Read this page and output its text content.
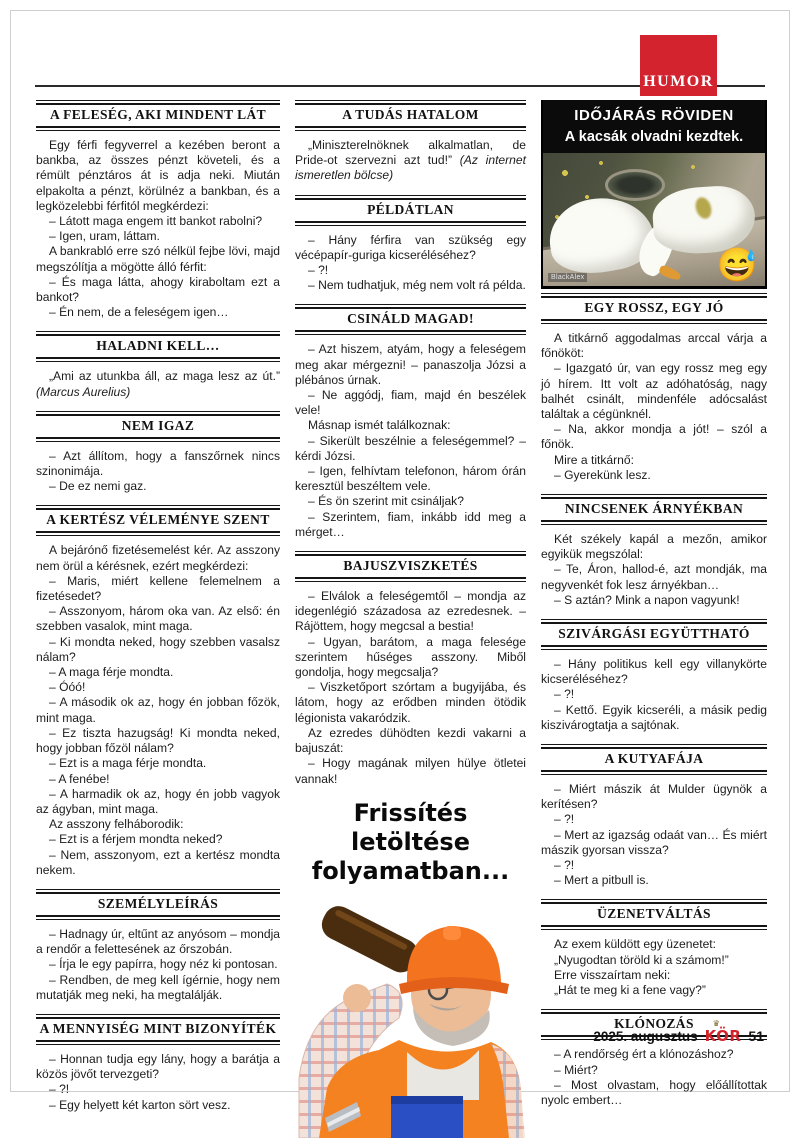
HUMOR
A FELESÉG, AKI MINDENT LÁT

Egy férfi fegyverrel a kezében beront a bankba, az összes pénzt követeli, és a rémült pénztáros át is adja neki. Miután elpakolta a pénzt, körülnéz a bankban, és a legközelebbi férfitól megkérdezi:

– Látott maga engem itt bankot rabolni?

– Igen, uram, láttam.

A bankrabló erre szó nélkül fejbe lövi, majd megszólítja a mögötte álló férfit:

– És maga látta, ahogy kiraboltam ezt a bankot?

– Én nem, de a feleségem igen…

HALADNI KELL…

„Ami az utunkba áll, az maga lesz az út.” (Marcus Aurelius)

NEM IGAZ

– Azt állítom, hogy a fanszőrnek nincs szinonimája.

– De ez nemi gaz.

A KERTÉSZ VÉLEMÉNYE SZENT

A bejárónő fizetésemelést kér. Az asszony nem örül a kérésnek, ezért megkérdezi:

– Maris, miért kellene felemelnem a fizetésedet?

– Asszonyom, három oka van. Az első: én szebben vasalok, mint maga.

– Ki mondta neked, hogy szebben vasalsz nálam?

– A maga férje mondta.

– Óóó!

– A második ok az, hogy én jobban főzök, mint maga.

– Ez tiszta hazugság! Ki mondta neked, hogy jobban főzöl nálam?

– Ezt is a maga férje mondta.

– A fenébe!

– A harmadik ok az, hogy én jobb vagyok az ágyban, mint maga.

Az asszony felháborodik:

– Ezt is a férjem mondta neked?

– Nem, asszonyom, ezt a kertész mondta nekem.

SZEMÉLYLEÍRÁS

– Hadnagy úr, eltűnt az anyósom – mondja a rendőr a felettesének az őrszobán.

– Írja le egy papírra, hogy néz ki pontosan.

– Rendben, de meg kell ígérnie, hogy nem mutatják meg neki, ha megtalálják.

A MENNYISÉG MINT BIZONYÍTÉK

– Honnan tudja egy lány, hogy a barátja a közös jövőt tervezgeti?

– ?!

– Egy helyett két karton sört vesz.

A TUDÁS HATALOM

„Miniszterelnöknek alkalmatlan, de Pride-ot szervezni azt tud!” (Az internet ismeretlen bölcse)

PÉLDÁTLAN

– Hány férfira van szükség egy vécépapír-guriga kicseréléséhez?

– ?!

– Nem tudhatjuk, még nem volt rá példa.

CSINÁLD MAGAD!

– Azt hiszem, atyám, hogy a feleségem meg akar mérgezni! – panaszolja Józsi a plébános úrnak.

– Ne aggódj, fiam, majd én beszélek vele!

Másnap ismét találkoznak:

– Sikerült beszélnie a feleségemmel? – kérdi Józsi.

– Igen, felhívtam telefonon, három órán keresztül beszéltem vele.

– És ön szerint mit csináljak?

– Szerintem, fiam, inkább idd meg a mérget…

BAJUSZVISZKETÉS

– Elválok a feleségemtől – mondja az idegenlégió századosa az ezredesnek. – Rájöttem, hogy megcsal a bestia!

– Ugyan, barátom, a maga felesége szerintem hűséges asszony. Miből gondolja, hogy megcsalja?

– Viszketőport szórtam a bugyijába, és látom, hogy az erődben minden ötödik légionista vakaródzik.

Az ezredes dühödten kezdi vakarni a bajuszát:

– Hogy magának milyen hülye ötletei vannak!

Frissítés letöltése
folyamatban...
IDŐJÁRÁS RÖVIDEN
A kacsák olvadni kezdtek.
😅
BlackAlex
EGY ROSSZ, EGY JÓ

A titkárnő aggodalmas arccal várja a főnököt:

– Igazgató úr, van egy rossz meg egy jó hírem. Itt volt az adóhatóság, nagy balhét csinált, mindenféle adócsalást találtak a cégünknél.

– Na, akkor mondja a jót! – szól a főnök.

Mire a titkárnő:

– Gyerekünk lesz.

NINCSENEK ÁRNYÉKBAN

Két székely kapál a mezőn, amikor egyikük megszólal:

– Te, Áron, hallod-é, azt mondják, ma negyvenkét fok lesz árnyékban…

– S aztán? Mink a napon vagyunk!

SZIVÁRGÁSI EGYÜTTHATÓ

– Hány politikus kell egy villanykörte kicseréléséhez?

– ?!

– Kettő. Egyik kicseréli, a másik pedig kiszivárogtatja a sajtónak.

A KUTYAFÁJA

– Miért mászik át Mulder ügynök a kerítésen?

– ?!

– Mert az igazság odaát van… És miért mászik gyorsan vissza?

– ?!

– Mert a pitbull is.

ÜZENETVÁLTÁS

Az exem küldött egy üzenetet:

„Nyugodtan töröld ki a számom!”

Erre visszaírtam neki:

„Hát te meg ki a fene vagy?”

KLÓNOZÁS

– A rendőrség ért a klónozáshoz?

– Miért?

– Most olvastam, hogy előállítottak nyolc embert…

2025. augusztus
♛
KÖR 51
